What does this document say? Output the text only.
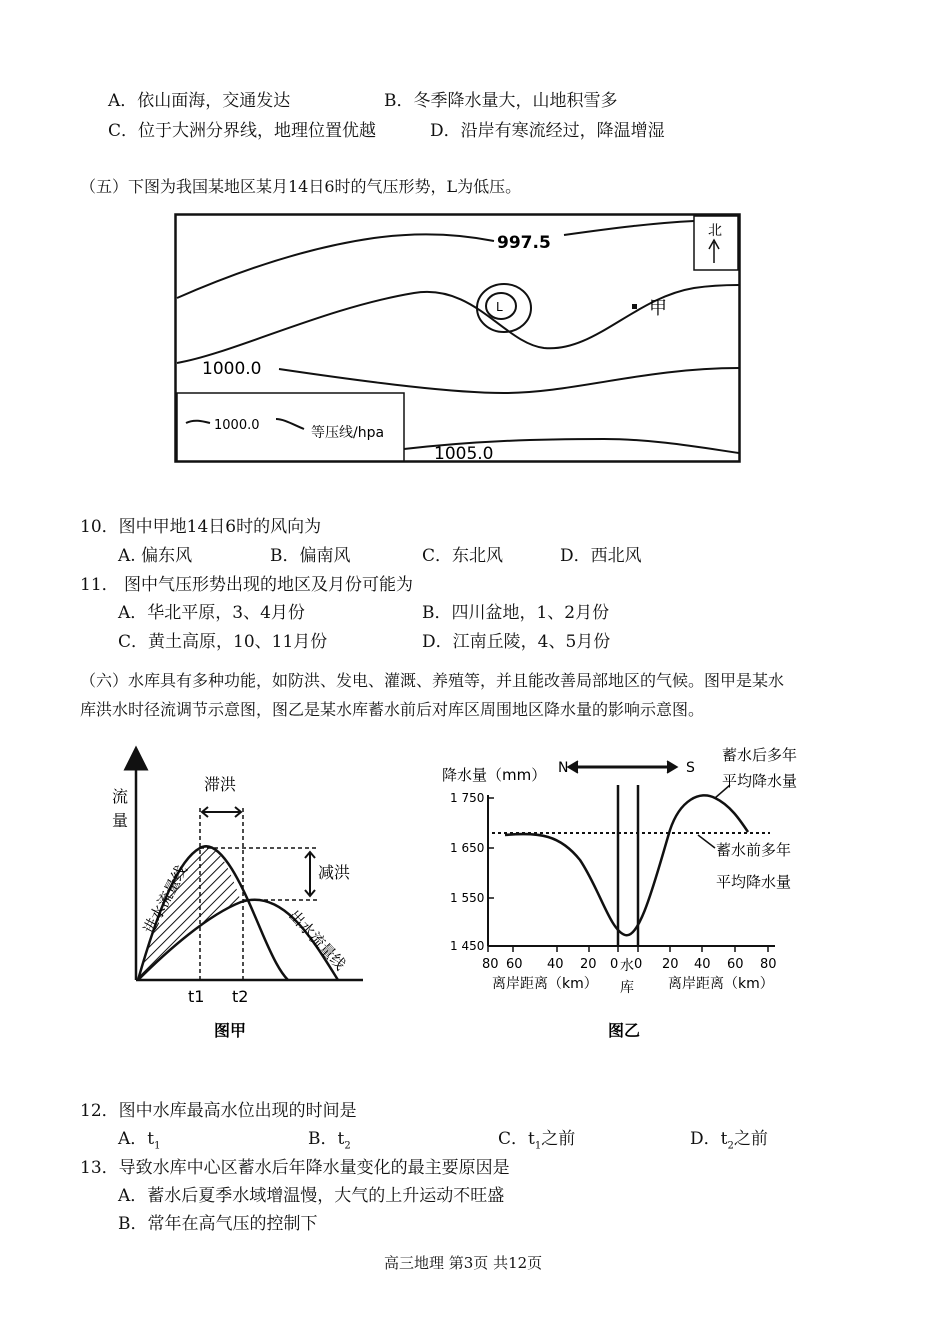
A．依山面海，交通发达	B．冬季降水量大，山地积雪多
C．位于大洲分界线，地理位置优越	D．沿岸有寒流经过，降温增湿
（五）下图为我国某地区某月14日6时的气压形势，L为低压。
997.5
1000.0
1005.0
L
北
甲
1000.0	等压线/hpa
10．图中甲地14日6时的风向为
A. 偏东风	B．偏南风	C．东北风	D．西北风
11． 图中气压形势出现的地区及月份可能为
A．华北平原，3、4月份	B．四川盆地，1、2月份
C．黄土高原，10、11月份	D．江南丘陵，4、5月份
（六）水库具有多种功能，如防洪、发电、灌溉、养殖等，并且能改善局部地区的气候。图甲是某水
库洪水时径流调节示意图，图乙是某水库蓄水前后对库区周围地区降水量的影响示意图。
流
量
滞洪
减洪
进水流量线
出水流量线
t1 t2
图甲
降水量（mm） N	S
蓄水后多年
平均降水量
蓄水前多年
平均降水量
1 750
1 650
1 550
1 450
80 60 40 20 0 0 20 40 60 80
水
库
离岸距离（km）	离岸距离（km）
图乙
12．图中水库最高水位出现的时间是
A．$t_1$	B．$t_2$	C．$t_1$之前	D．$t_2$之前
13．导致水库中心区蓄水后年降水量变化的最主要原因是
A．蓄水后夏季水域增温慢，大气的上升运动不旺盛
B．常年在高气压的控制下
高三地理 第3页 共12页
